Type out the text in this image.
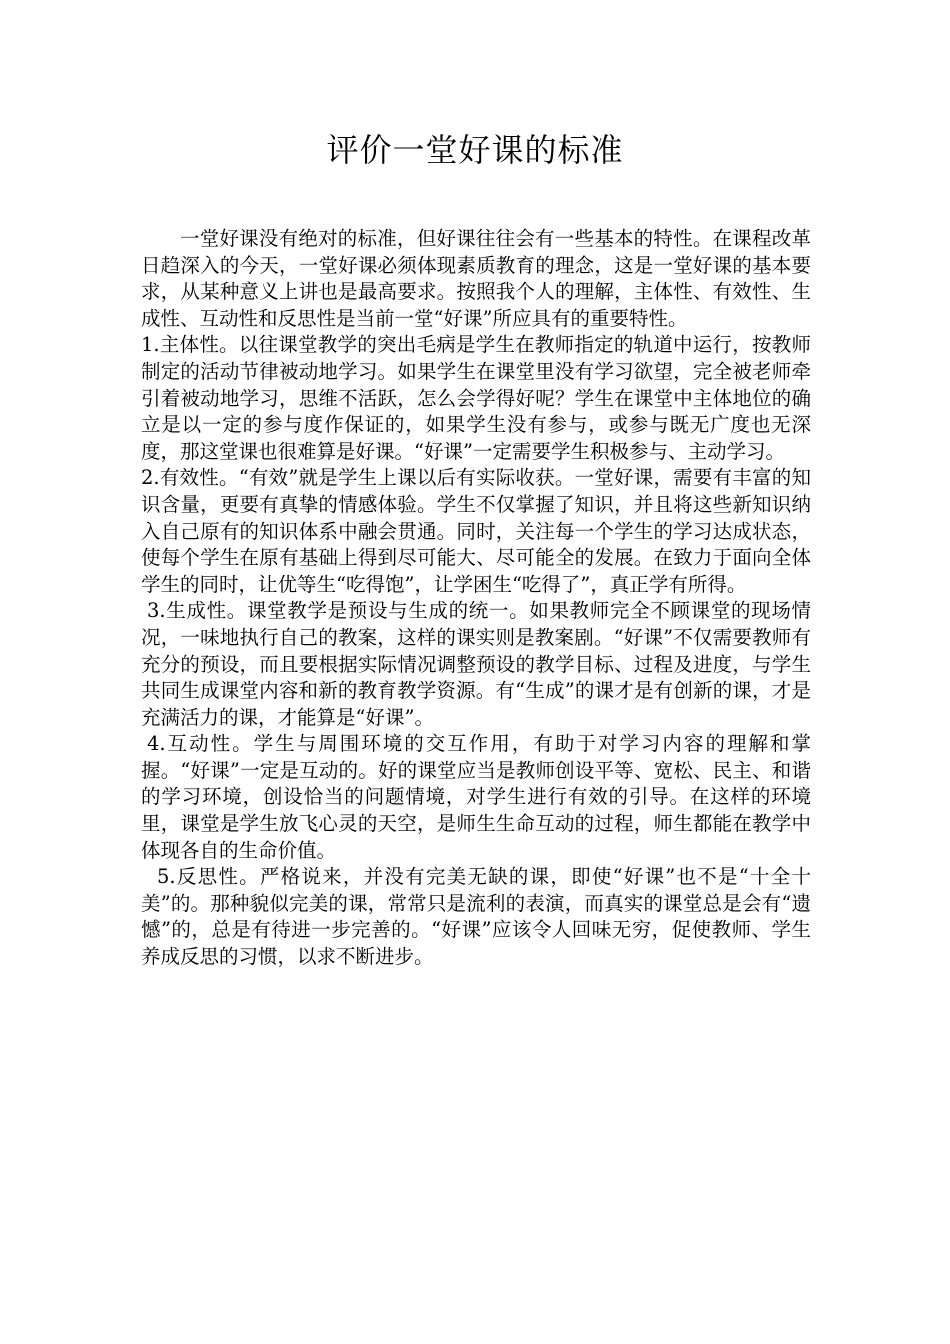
评价一堂好课的标准

一堂好课没有绝对的标准，但好课往往会有一些基本的特性。在课程改革日趋深入的今天，一堂好课必须体现素质教育的理念，这是一堂好课的基本要求，从某种意义上讲也是最高要求。按照我个人的理解，主体性、有效性、生成性、互动性和反思性是当前一堂“好课”所应具有的重要特性。

1.主体性。以往课堂教学的突出毛病是学生在教师指定的轨道中运行，按教师制定的活动节律被动地学习。如果学生在课堂里没有学习欲望，完全被老师牵引着被动地学习，思维不活跃，怎么会学得好呢？学生在课堂中主体地位的确立是以一定的参与度作保证的，如果学生没有参与，或参与既无广度也无深度，那这堂课也很难算是好课。“好课”一定需要学生积极参与、主动学习。

2.有效性。“有效”就是学生上课以后有实际收获。一堂好课，需要有丰富的知识含量，更要有真挚的情感体验。学生不仅掌握了知识，并且将这些新知识纳入自己原有的知识体系中融会贯通。同时，关注每一个学生的学习达成状态，使每个学生在原有基础上得到尽可能大、尽可能全的发展。在致力于面向全体学生的同时，让优等生“吃得饱”，让学困生“吃得了”，真正学有所得。

3.生成性。课堂教学是预设与生成的统一。如果教师完全不顾课堂的现场情况，一味地执行自己的教案，这样的课实则是教案剧。“好课”不仅需要教师有充分的预设，而且要根据实际情况调整预设的教学目标、过程及进度，与学生共同生成课堂内容和新的教育教学资源。有“生成”的课才是有创新的课，才是充满活力的课，才能算是“好课”。

4.互动性。学生与周围环境的交互作用，有助于对学习内容的理解和掌握。“好课”一定是互动的。好的课堂应当是教师创设平等、宽松、民主、和谐的学习环境，创设恰当的问题情境，对学生进行有效的引导。在这样的环境里，课堂是学生放飞心灵的天空，是师生生命互动的过程，师生都能在教学中体现各自的生命价值。

5.反思性。严格说来，并没有完美无缺的课，即使“好课”也不是“十全十美”的。那种貌似完美的课，常常只是流利的表演，而真实的课堂总是会有“遗憾”的，总是有待进一步完善的。“好课”应该令人回味无穷，促使教师、学生养成反思的习惯，以求不断进步。
